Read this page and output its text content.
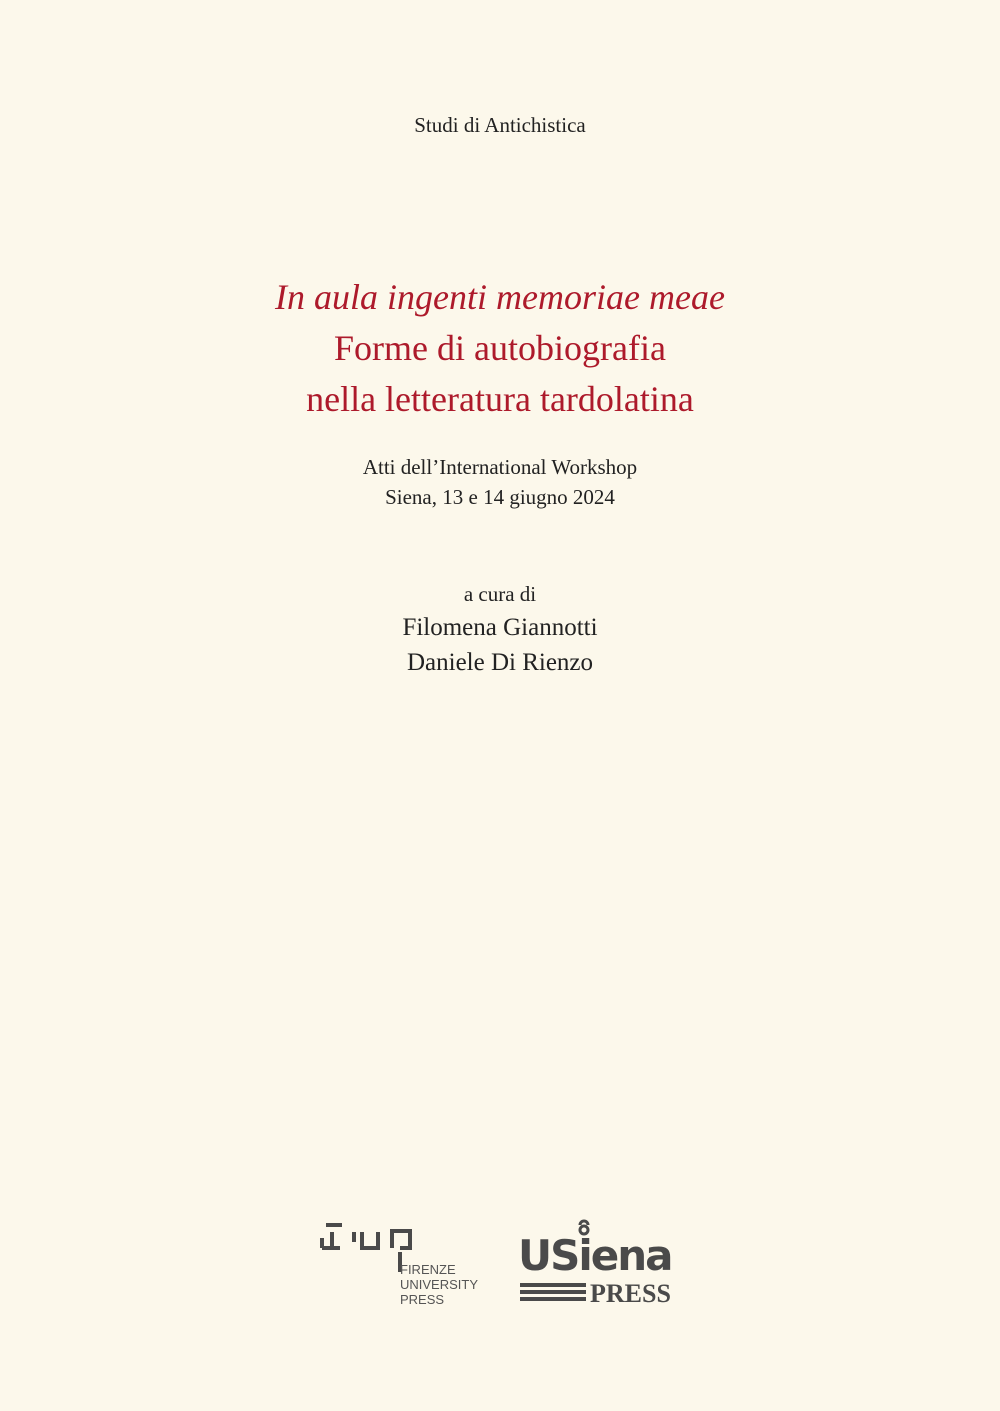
Studi di Antichistica
In aula ingenti memoriae meae
Forme di autobiografia
nella letteratura tardolatina
Atti dell’International Workshop
Siena, 13 e 14 giugno 2024
a cura di
Filomena Giannotti
Daniele Di Rienzo
FIRENZE
UNIVERSITY
PRESS
USiena
PRESS
